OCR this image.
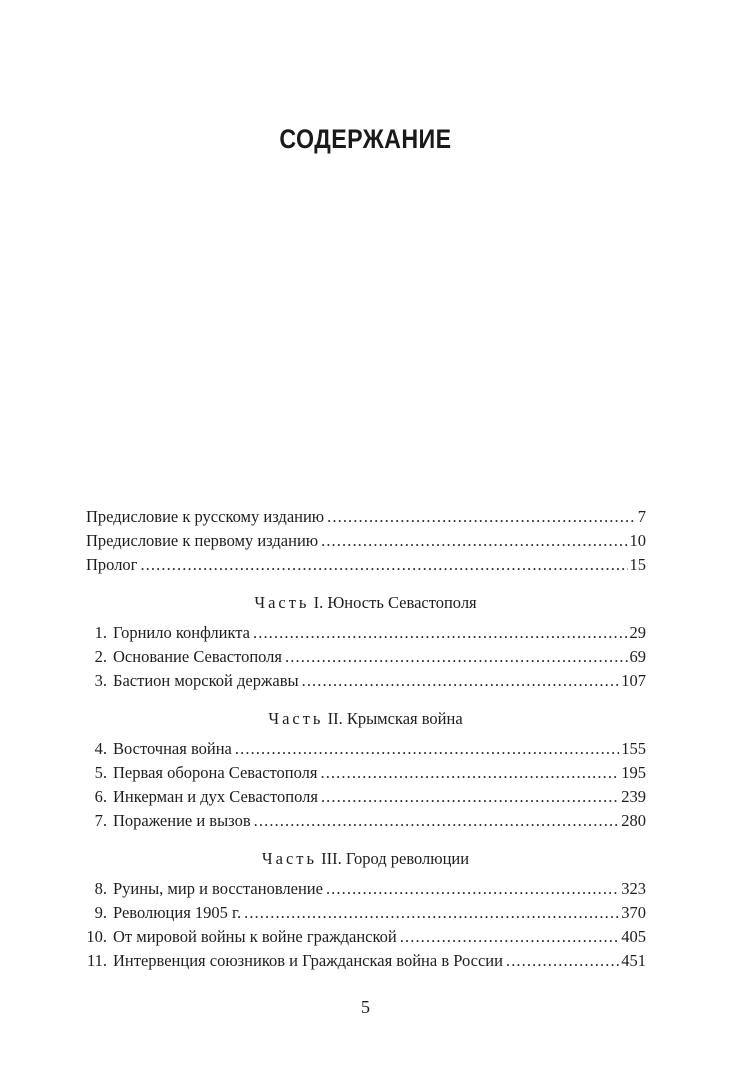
СОДЕРЖАНИЕ
Предисловие к русскому изданию .....	7
Предисловие к первому изданию .....	10
Пролог .....	15
Часть I. Юность Севастополя
1. Горнило конфликта .....	29
2. Основание Севастополя .....	69
3. Бастион морской державы .....	107
Часть II. Крымская война
4. Восточная война .....	155
5. Первая оборона Севастополя .....	195
6. Инкерман и дух Севастополя .....	239
7. Поражение и вызов .....	280
Часть III. Город революции
8. Руины, мир и восстановление .....	323
9. Революция 1905 г. .....	370
10. От мировой войны к войне гражданской .....	405
11. Интервенция союзников и Гражданская война в России .....	451
5
